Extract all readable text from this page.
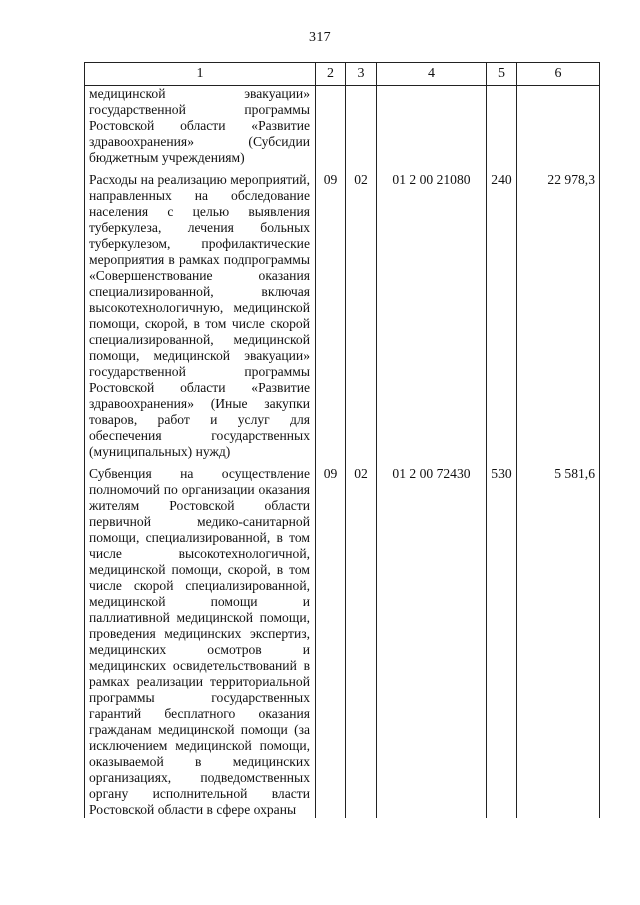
317
1	2	3	4	5	6
медицинской эвакуации» государственной программы Ростовской области «Развитие здравоохранения» (Субсидии бюджетным учреждениям)					
Расходы на реализацию мероприятий, направленных на обследование населения с целью выявления туберкулеза, лечения больных туберкулезом, профилактические мероприятия в рамках подпрограммы «Совершенствование оказания специализированной, включая высокотехнологичную, медицинской помощи, скорой, в том числе скорой специализированной, медицинской помощи, медицинской эвакуации» государственной программы Ростовской области «Развитие здравоохранения» (Иные закупки товаров, работ и услуг для обеспечения государственных (муниципальных) нужд)	09	02	01 2 00 21080	240	22 978,3
Субвенция на осуществление полномочий по организации оказания жителям Ростовской области первичной медико-санитарной помощи, специализированной, в том числе высокотехнологичной, медицинской помощи, скорой, в том числе скорой специализированной, медицинской помощи и паллиативной медицинской помощи, проведения медицинских экспертиз, медицинских осмотров и медицинских освидетельствований в рамках реализации территориальной программы государственных гарантий бесплатного оказания гражданам медицинской помощи (за исключением медицинской помощи, оказываемой в медицинских организациях, подведомственных органу исполнительной власти Ростовской области в сфере охраны	09	02	01 2 00 72430	530	5 581,6
